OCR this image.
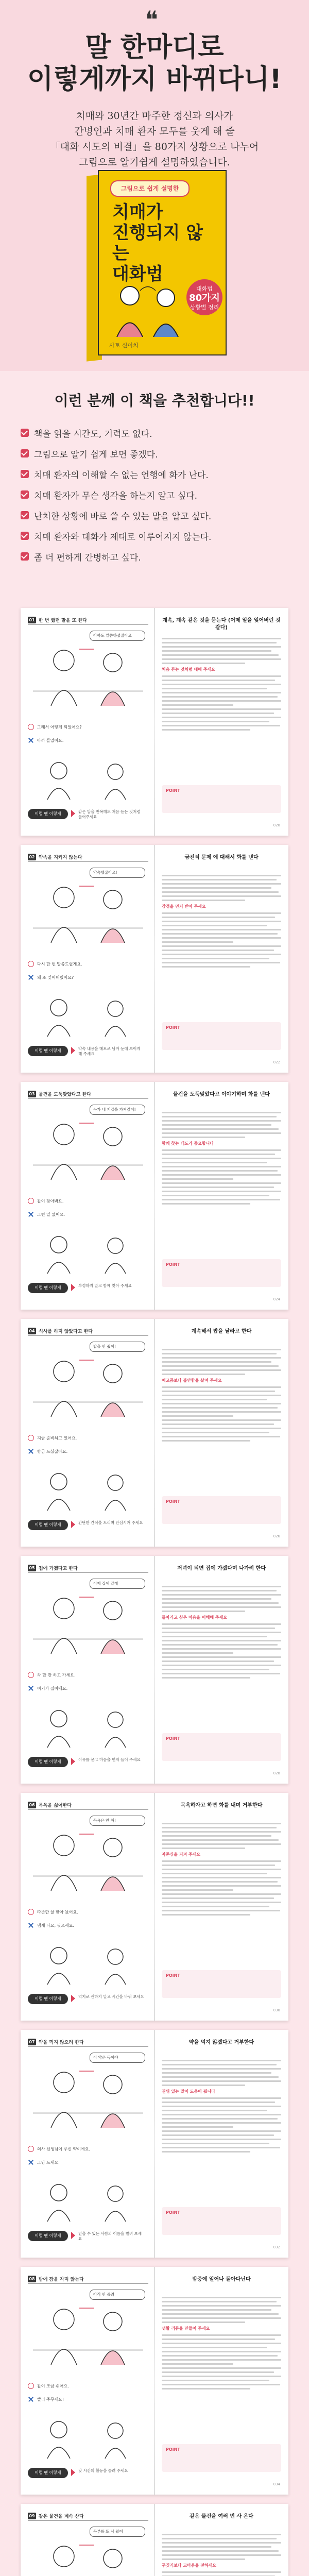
❝
말 한마디로
이렇게까지 바뀌다니!
치매와 30년간 마주한 정신과 의사가
간병인과 치매 환자 모두를 웃게 해 줄
「대화 시도의 비결」을 80가지 상황으로 나누어
그림으로 알기쉽게 설명하였습니다.
그림으로 쉽게 설명한
치매가
진행되지 않는
대화법
대화법
80가지
상황별 정리
사토 신이치
이런 분께 이 책을 추천합니다!!
책을 읽을 시간도, 기력도 없다.
그림으로 알기 쉽게 보면 좋겠다.
치매 환자의 이해할 수 없는 언행에 화가 난다.
치매 환자가 무슨 생각을 하는지 알고 싶다.
난처한 상황에 바로 쓸 수 있는 말을 알고 싶다.
치매 환자와 대화가 제대로 이루어지지 않는다.
좀 더 편하게 간병하고 싶다.
01 한 번 했던 말을 또 한다
아까도 말씀하셨잖아요
그래서 어떻게 되었어요?
아까 들었어요.
이럴 땐 이렇게	같은 말을 반복해도 처음 듣는 것처럼 들어주세요
계속, 계속 같은 것을 묻는다 (어제 일을 잊어버린 것 같다)
처음 듣는 것처럼 대해 주세요
POINT
020
02 약속을 지키지 않는다
약속했잖아요!
다시 한 번 말씀드릴게요.
왜 또 잊어버렸어요?
이럴 땐 이렇게	약속 내용을 메모로 남겨 눈에 보이게 해 주세요
금전적 문제 에 대해서 화를 낸다
감정을 먼저 받아 주세요
POINT
022
03 물건을 도둑맞았다고 한다
누가 내 지갑을 가져갔어!
같이 찾아봐요.
그런 일 없어요.
이럴 땐 이렇게	부정하지 말고 함께 찾아 주세요
물건을 도둑맞았다고 이야기하며 화를 낸다
함께 찾는 태도가 중요합니다
POINT
024
04 식사를 하지 않았다고 한다
밥을 안 줬어!
지금 준비하고 있어요.
방금 드셨잖아요.
이럴 땐 이렇게	간단한 간식을 드리며 안심시켜 주세요
계속해서 밥을 달라고 한다
배고픔보다 불안함을 살펴 주세요
POINT
026
05 집에 가겠다고 한다
이제 집에 갈래
차 한 잔 하고 가세요.
여기가 집이에요.
이럴 땐 이렇게	이유를 묻고 마음을 먼저 들어 주세요
저녁이 되면 집에 가겠다며 나가려 한다
돌아가고 싶은 마음을 이해해 주세요
POINT
028
06 목욕을 싫어한다
목욕은 안 해!
따뜻한 물 받아 놨어요.
냄새 나요, 씻으세요.
이럴 땐 이렇게	억지로 권하지 말고 시간을 바꿔 보세요
목욕하자고 하면 화를 내며 거부한다
자존심을 지켜 주세요
POINT
030
07 약을 먹지 않으려 한다
이 약은 독이야
의사 선생님이 주신 약이에요.
그냥 드세요.
이럴 땐 이렇게	믿을 수 있는 사람의 이름을 빌려 보세요
약을 먹지 않겠다고 거부한다
권위 있는 말이 도움이 됩니다
POINT
032
08 밤에 잠을 자지 않는다
아직 안 졸려
같이 조금 쉬어요.
빨리 주무세요!
이럴 땐 이렇게	낮 시간의 활동을 늘려 주세요
밤중에 일어나 돌아다닌다
생활 리듬을 만들어 주세요
POINT
034
09 같은 물건을 계속 산다
두부를 또 사 왔어
같은 물건을 여러 번 사 온다
꾸짖기보다 고마움을 전하세요
